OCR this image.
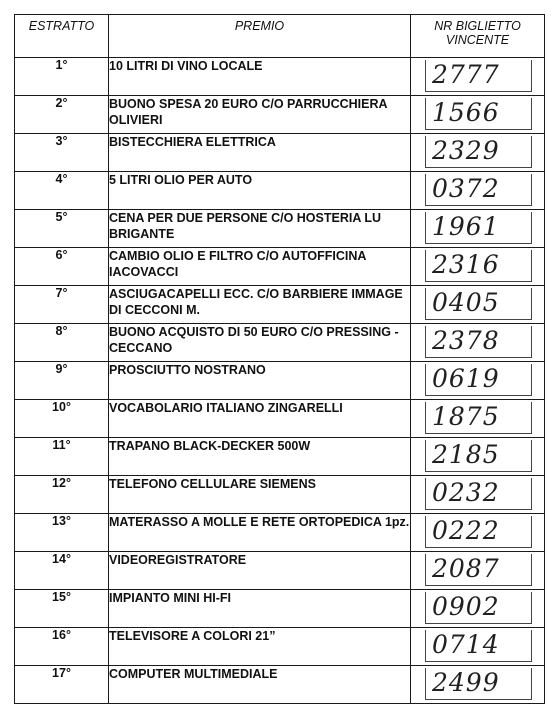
ESTRATTO	PREMIO	NR BIGLIETTO VINCENTE
1°	10 LITRI DI VINO LOCALE	2777

2°	BUONO SPESA 20 EURO C/O PARRUCCHIERA OLIVIERI	1566

3°	BISTECCHIERA ELETTRICA	2329

4°	5 LITRI OLIO PER AUTO	0372

5°	CENA PER DUE PERSONE C/O HOSTERIA LU BRIGANTE	1961

6°	CAMBIO OLIO E FILTRO C/O AUTOFFICINA IACOVACCI	2316

7°	ASCIUGACAPELLI ECC. C/O BARBIERE IMMAGE DI CECCONI M.	0405

8°	BUONO ACQUISTO DI 50 EURO C/O PRESSING - CECCANO	2378

9°	PROSCIUTTO NOSTRANO	0619

10°	VOCABOLARIO ITALIANO ZINGARELLI	1875

11°	TRAPANO BLACK-DECKER 500W	2185

12°	TELEFONO CELLULARE SIEMENS	0232

13°	MATERASSO A MOLLE E RETE ORTOPEDICA 1pz.	0222

14°	VIDEOREGISTRATORE	2087

15°	IMPIANTO MINI HI-FI	0902

16°	TELEVISORE A COLORI 21”	0714

17°	COMPUTER MULTIMEDIALE	2499
